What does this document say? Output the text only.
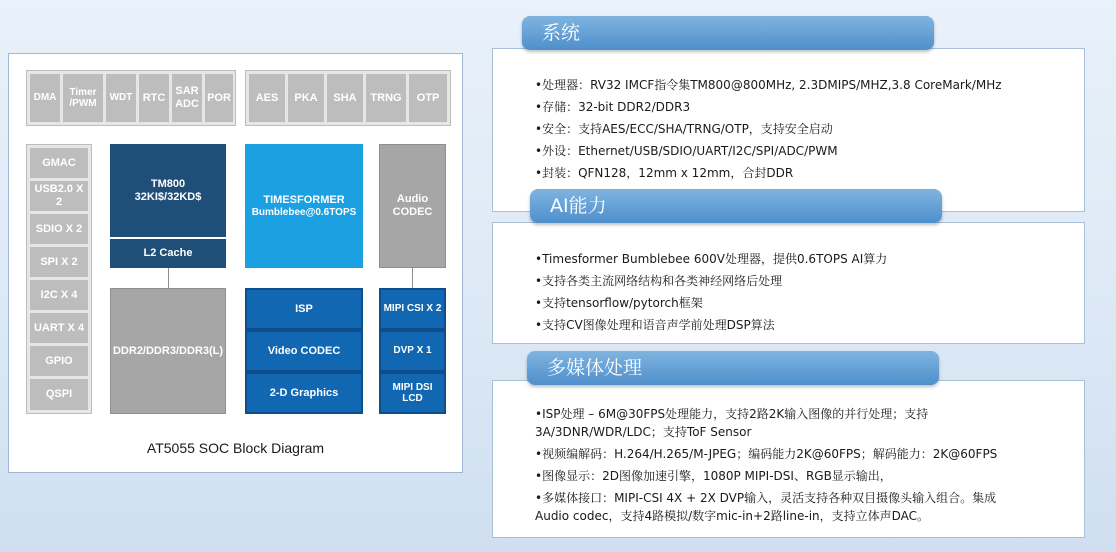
DMA
Timer
/PWM
WDT RTC
SAR
ADC
POR	AES	PKA	SHA	TRNG	OTP
GMAC
USB2.0 X 2
SDIO X 2
SPI X 2
I2C X 4
UART X 4
GPIO
QSPI
TM800
32KI$/32KD$
L2 Cache
TIMESFORMER
Bumblebee@0.6TOPS
Audio
CODEC
DDR2/DDR3/DDR3(L)
ISP
Video CODEC
2-D Graphics
MIPI CSI X 2
DVP X 1
MIPI DSI
LCD
AT5055 SOC Block Diagram
•处理器：RV32 IMCF指令集TM800@800MHz, 2.3DMIPS/MHZ,3.8 CoreMark/MHz
•存储：32-bit DDR2/DDR3
•安全：支持AES/ECC/SHA/TRNG/OTP，支持安全启动
•外设：Ethernet/USB/SDIO/UART/I2C/SPI/ADC/PWM
•封装：QFN128，12mm x 12mm，合封DDR
系统
•Timesformer Bumblebee 600V处理器，提供0.6TOPS AI算力
•支持各类主流网络结构和各类神经网络后处理
•支持tensorflow/pytorch框架
•支持CV图像处理和语音声学前处理DSP算法
AI能力
•ISP处理 – 6M@30FPS处理能力，支持2路2K输入图像的并行处理；支持
3A/3DNR/WDR/LDC；支持ToF Sensor
•视频编解码：H.264/H.265/M-JPEG；编码能力2K@60FPS；解码能力：2K@60FPS
•图像显示：2D图像加速引擎，1080P MIPI-DSI、RGB显示输出，
•多媒体接口：MIPI-CSI 4X + 2X DVP输入，灵活支持各种双目摄像头输入组合。集成
Audio codec，支持4路模拟/数字mic-in+2路line-in，支持立体声DAC。
多媒体处理
